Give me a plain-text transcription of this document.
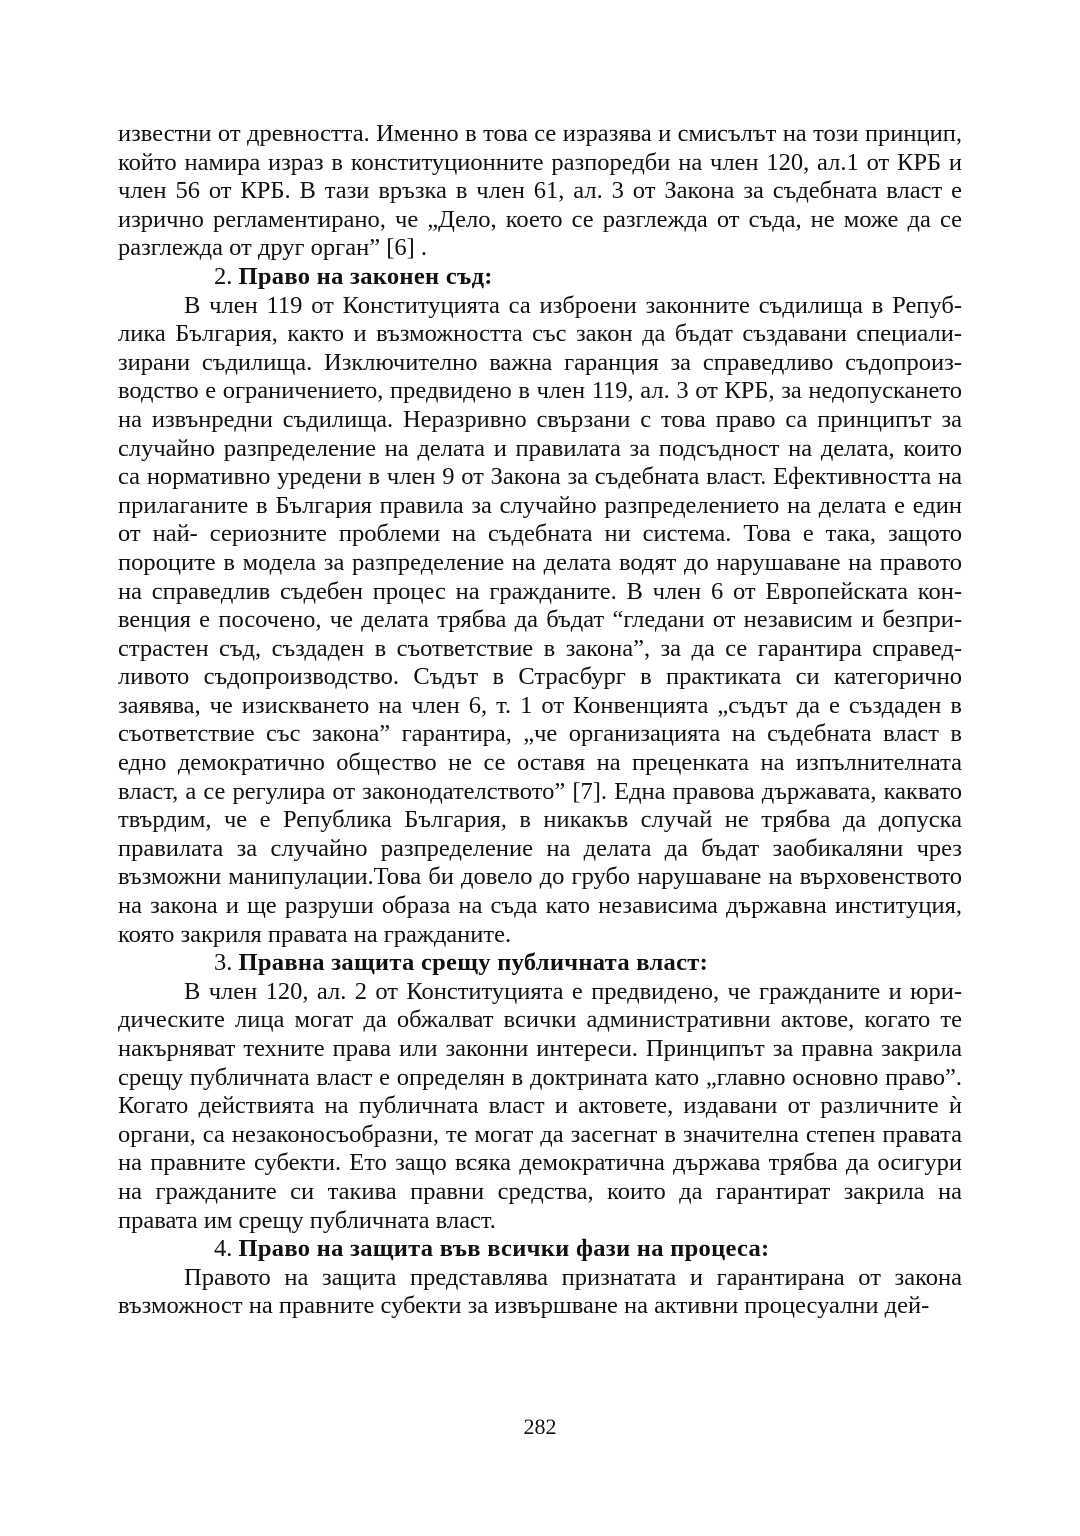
известни от древността. Именно в това се изразява и смисълът на този принцип, който намира израз в конституционните разпоредби на член 120, ал.1 от КРБ и член 56 от КРБ. В тази връзка в член 61, ал. 3 от Закона за съдебната власт е изрично регламентирано, че „Дело, което се разглежда от съда, не може да се разглежда от друг орган” [6] .

2. Право на законен съд:

В член 119 от Конституцията са изброени законните съдилища в Република България, както и възможността със закон да бъдат създавани специализирани съдилища. Изключително важна гаранция за справедливо съдопроизводство е ограничението, предвидено в член 119, ал. 3 от КРБ, за недопускането на извънредни съдилища. Неразривно свързани с това право са принципът за случайно разпределение на делата и правилата за подсъдност на делата, които са нормативно уредени в член 9 от Закона за съдебната власт. Ефективността на прилаганите в България правила за случайно разпределението на делата е един от най- сериозните проблеми на съдебната ни система. Това е така, защото пороците в модела за разпределение на делата водят до нарушаване на правото на справедлив съдебен процес на гражданите. В член 6 от Европейската конвенция е посочено, че делата трябва да бъдат “гледани от независим и безпристрастен съд, създаден в съответствие в закона”, за да се гарантира справедливото съдопроизводство. Съдът в Страсбург в практиката си категорично заявява, че изискването на член 6, т. 1 от Конвенцията „съдът да е създаден в съответствие със закона” гарантира, „че организацията на съдебната власт в едно демократично общество не се оставя на преценката на изпълнителната власт, а се регулира от законодателството” [7]. Една правова държавата, каквато твърдим, че е Република България, в никакъв случай не трябва да допуска правилата за случайно разпределение на делата да бъдат заобикаляни чрез възможни манипулации.Това би довело до грубо нарушаване на върховенството на закона и ще разруши образа на съда като независима държавна институция, която закриля правата на гражданите.

3. Правна защита срещу публичната власт:

В член 120, ал. 2 от Конституцията е предвидено, че гражданите и юридическите лица могат да обжалват всички административни актове, когато те накърняват техните права или законни интереси. Принципът за правна закрила срещу публичната власт е определян в доктрината като „главно основно право”. Когато действията на публичната власт и актовете, издавани от различните ѝ органи, са незаконосъобразни, те могат да засегнат в значителна степен правата на правните субекти. Ето защо всяка демократична държава трябва да осигури на гражданите си такива правни средства, които да гарантират закрила на правата им срещу публичната власт.

4. Право на защита във всички фази на процеса:

Правото на защита представлява признатата и гарантирана от закона възможност на правните субекти за извършване на активни процесуални дей-

282
